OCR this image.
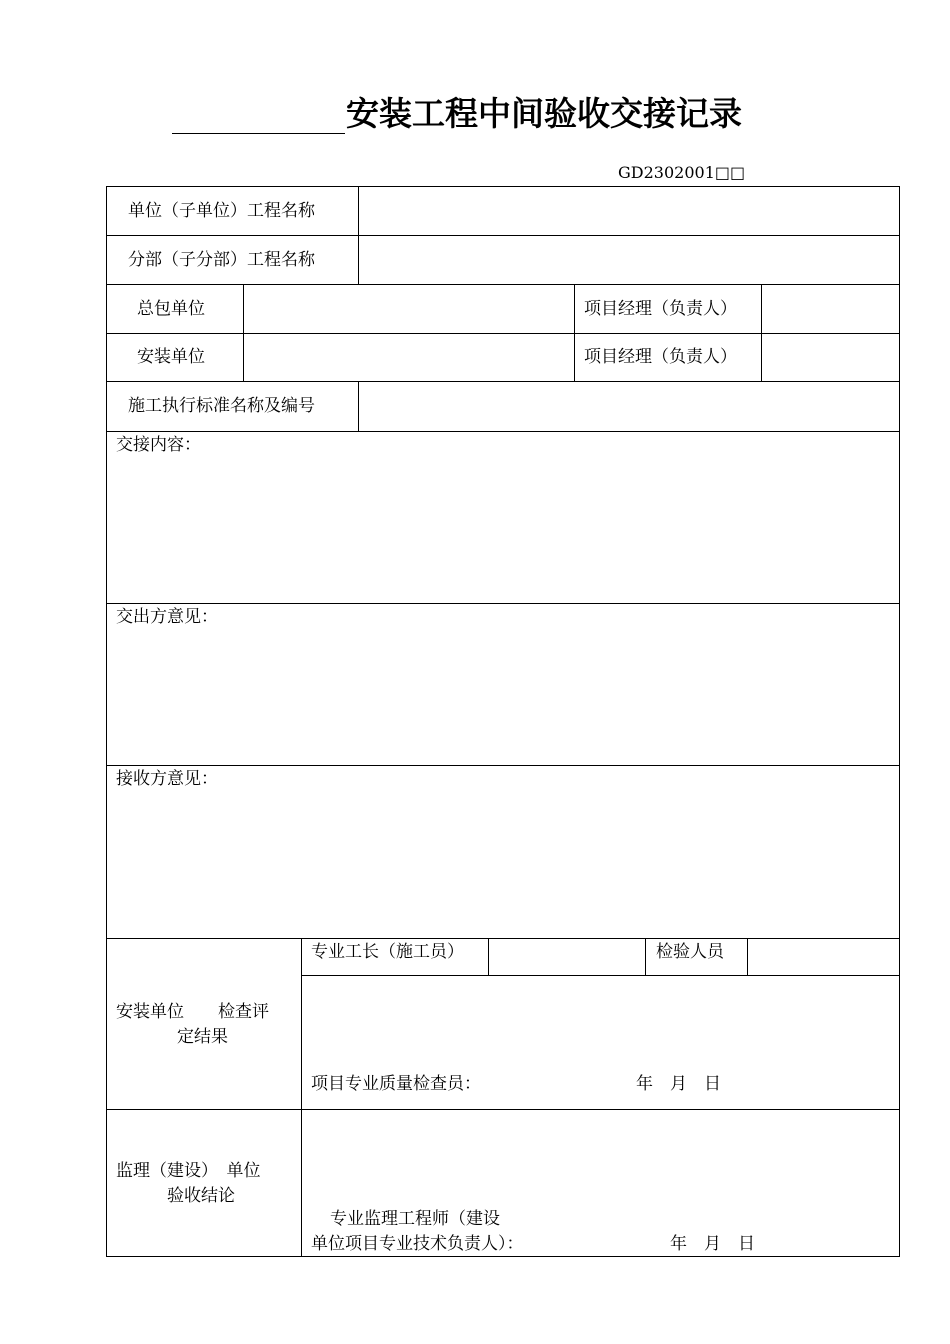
安装工程中间验收交接记录
GD2302001□□
单位（子单位）工程名称
分部（子分部）工程名称
总包单位	项目经理（负责人）
安装单位	项目经理（负责人）
施工执行标准名称及编号
交接内容：
交出方意见：
接收方意见：
安装单位　　检查评
定结果
专业工长（施工员）	检验人员
项目专业质量检查员：	年　月　日
监理（建设）　单位
验收结论
专业监理工程师（建设
单位项目专业技术负责人）：	年　月　日
